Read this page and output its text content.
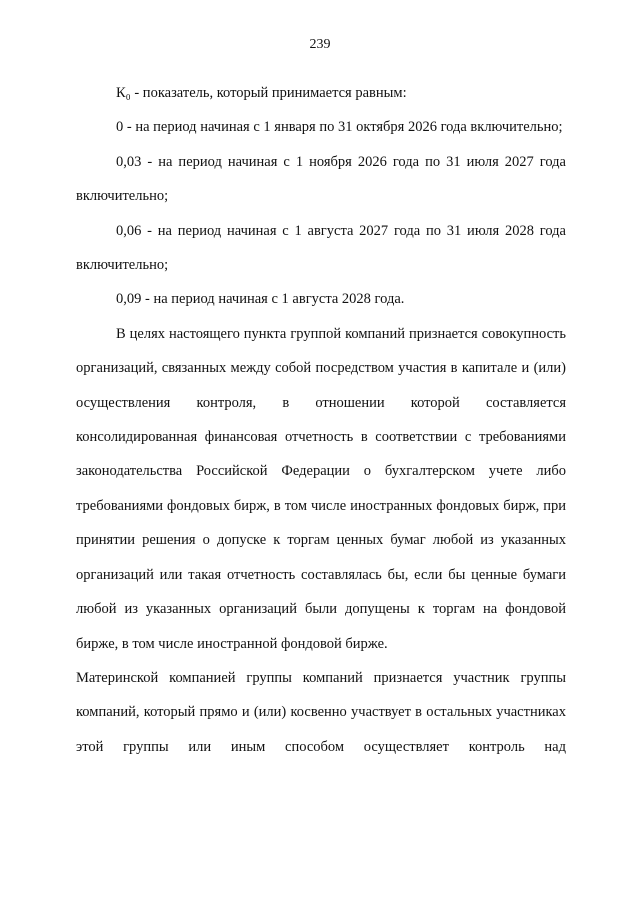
239

К₀ - показатель, который принимается равным:

0 - на период начиная с 1 января по 31 октября 2026 года включительно;

0,03 - на период начиная с 1 ноября 2026 года по 31 июля 2027 года включительно;

0,06 - на период начиная с 1 августа 2027 года по 31 июля 2028 года включительно;

0,09 - на период начиная с 1 августа 2028 года.

В целях настоящего пункта группой компаний признается совокупность организаций, связанных между собой посредством участия в капитале и (или) осуществления контроля, в отношении которой составляется консолидированная финансовая отчетность в соответствии с требованиями законодательства Российской Федерации о бухгалтерском учете либо требованиями фондовых бирж, в том числе иностранных фондовых бирж, при принятии решения о допуске к торгам ценных бумаг любой из указанных организаций или такая отчетность составлялась бы, если бы ценные бумаги любой из указанных организаций были допущены к торгам на фондовой бирже, в том числе иностранной фондовой бирже.

Материнской компанией группы компаний признается участник группы компаний, который прямо и (или) косвенно участвует в остальных участниках этой группы или иным способом осуществляет контроль над
